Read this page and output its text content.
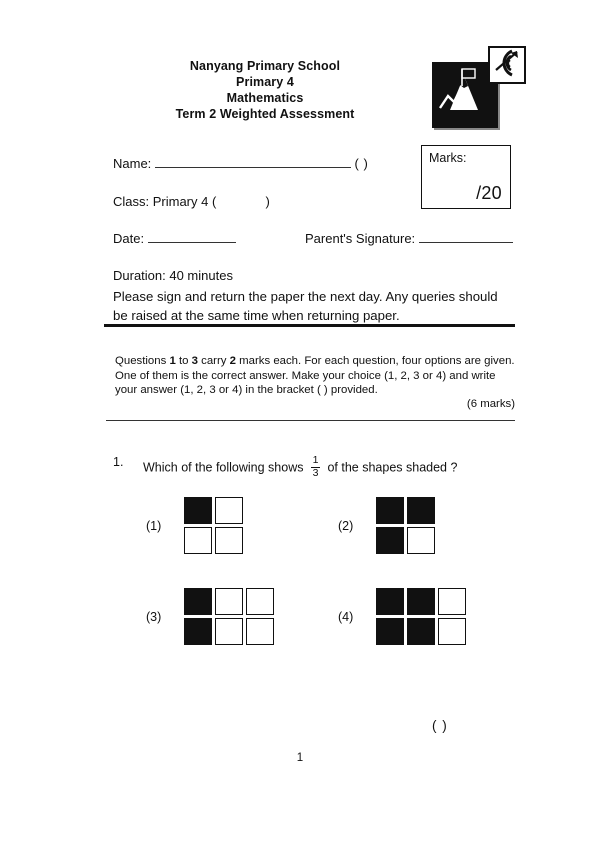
Nanyang Primary School
Primary 4
Mathematics
Term 2 Weighted Assessment
Name:	( )
Class: Primary 4 (	)
Date:	Parent's Signature:
Duration: 40 minutes
Please sign and return the paper the next day. Any queries should be raised at the same time when returning paper.
Marks:
/20
Questions 1 to 3 carry 2 marks each. For each question, four options are given.
One of them is the correct answer. Make your choice (1, 2, 3 or 4) and write
your answer (1, 2, 3 or 4) in the bracket ( ) provided.
(6 marks)
1. Which of the following shows $\frac{1}{3}$ of the shapes shaded ?
(1)	(2)
(3)	(4)
( )
1
